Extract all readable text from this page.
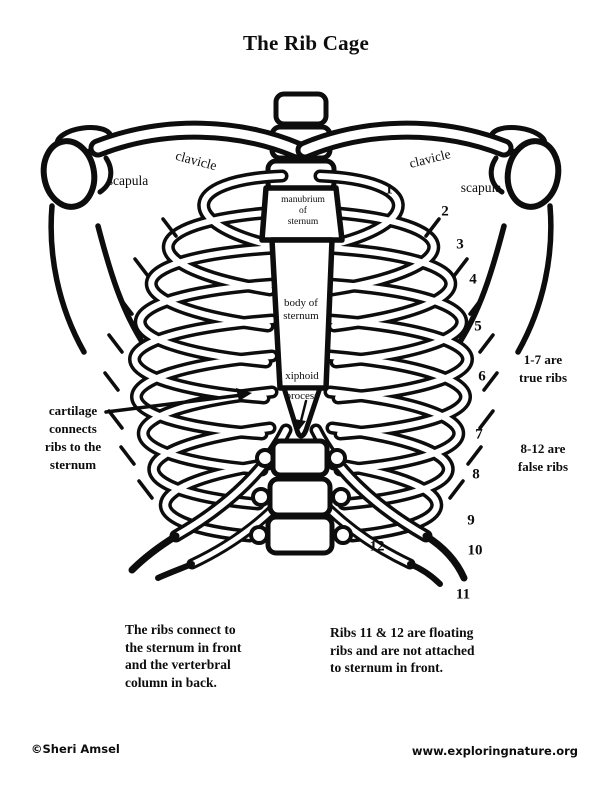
The Rib Cage
clavicle	clavicle
scapula	scapula
manubrium
of
sternum
body of
sternum
xiphoid
process
cartilage
connects
ribs to the
sternum
1
2
3
4
5
6
7
8
9
10
11
12
1-7 are
true ribs
8-12 are
false ribs
The ribs connect to
the sternum in front
and the verterbral
column in back.
Ribs 11 & 12 are floating
ribs and are not attached
to sternum in front.
©Sheri Amsel	www.exploringnature.org
